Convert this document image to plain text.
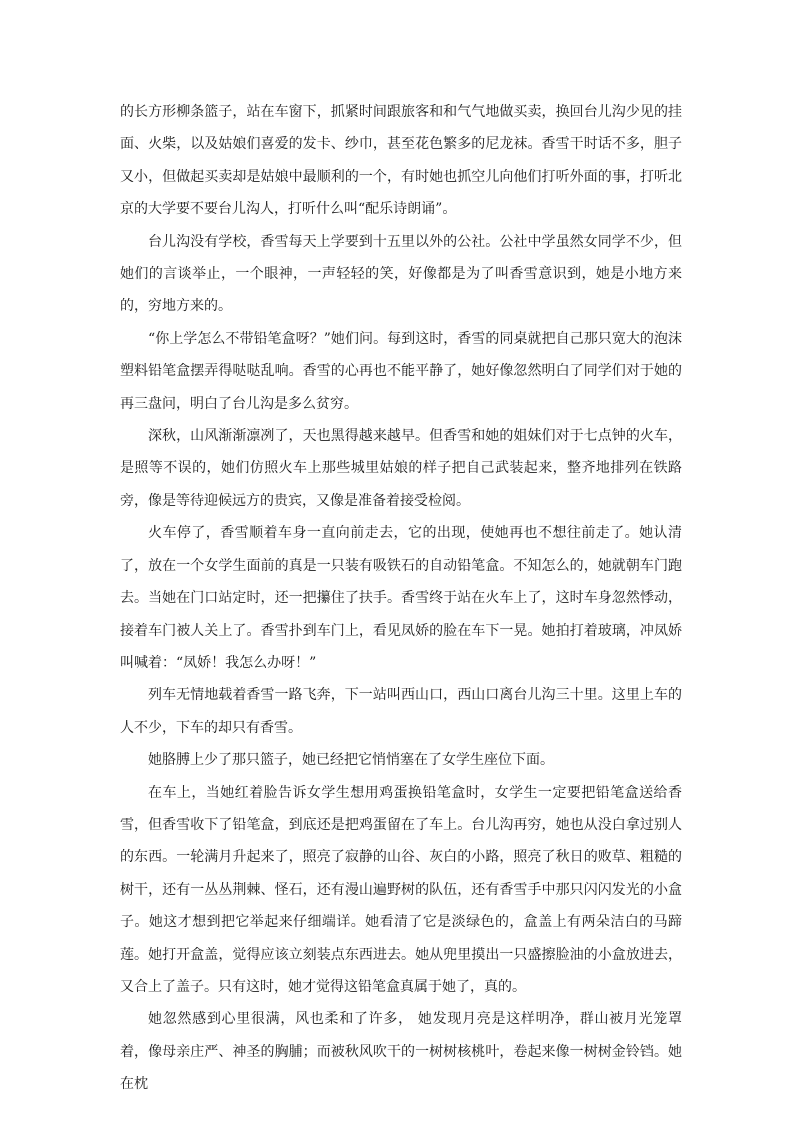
的长方形柳条篮子，站在车窗下，抓紧时间跟旅客和和气气地做买卖，换回台儿沟少见的挂面、火柴，以及姑娘们喜爱的发卡、纱巾，甚至花色繁多的尼龙袜。香雪干时话不多，胆子又小，但做起买卖却是姑娘中最顺利的一个，有时她也抓空儿向他们打听外面的事，打听北京的大学要不要台儿沟人，打听什么叫“配乐诗朗诵”。

台儿沟没有学校，香雪每天上学要到十五里以外的公社。公社中学虽然女同学不少，但她们的言谈举止，一个眼神，一声轻轻的笑，好像都是为了叫香雪意识到，她是小地方来的，穷地方来的。

“你上学怎么不带铅笔盒呀？”她们问。每到这时，香雪的同桌就把自己那只宽大的泡沫塑料铅笔盒摆弄得哒哒乱响。香雪的心再也不能平静了，她好像忽然明白了同学们对于她的再三盘问，明白了台儿沟是多么贫穷。

深秋，山风渐渐凛冽了，天也黑得越来越早。但香雪和她的姐妹们对于七点钟的火车，是照等不误的，她们仿照火车上那些城里姑娘的样子把自己武装起来，整齐地排列在铁路旁，像是等待迎候远方的贵宾，又像是准备着接受检阅。

火车停了，香雪顺着车身一直向前走去，它的出现，使她再也不想往前走了。她认清了，放在一个女学生面前的真是一只装有吸铁石的自动铅笔盒。不知怎么的，她就朝车门跑去。当她在门口站定时，还一把攥住了扶手。香雪终于站在火车上了，这时车身忽然悸动，接着车门被人关上了。香雪扑到车门上，看见凤娇的脸在车下一晃。她拍打着玻璃，冲凤娇叫喊着：“凤娇！我怎么办呀！”

列车无情地载着香雪一路飞奔，下一站叫西山口，西山口离台儿沟三十里。这里上车的人不少，下车的却只有香雪。

她胳膊上少了那只篮子，她已经把它悄悄塞在了女学生座位下面。

在车上，当她红着脸告诉女学生想用鸡蛋换铅笔盒时，女学生一定要把铅笔盒送给香雪，但香雪收下了铅笔盒，到底还是把鸡蛋留在了车上。台儿沟再穷，她也从没白拿过别人的东西。一轮满月升起来了，照亮了寂静的山谷、灰白的小路，照亮了秋日的败草、粗糙的树干，还有一丛丛荆棘、怪石，还有漫山遍野树的队伍，还有香雪手中那只闪闪发光的小盒子。她这才想到把它举起来仔细端详。她看清了它是淡绿色的，盒盖上有两朵洁白的马蹄莲。她打开盒盖，觉得应该立刻装点东西进去。她从兜里摸出一只盛擦脸油的小盒放进去，又合上了盖子。只有这时，她才觉得这铅笔盒真属于她了，真的。

她忽然感到心里很满，风也柔和了许多， 她发现月亮是这样明净，群山被月光笼罩着，像母亲庄严、神圣的胸脯；而被秋风吹干的一树树核桃叶，卷起来像一树树金铃铛。她在枕
